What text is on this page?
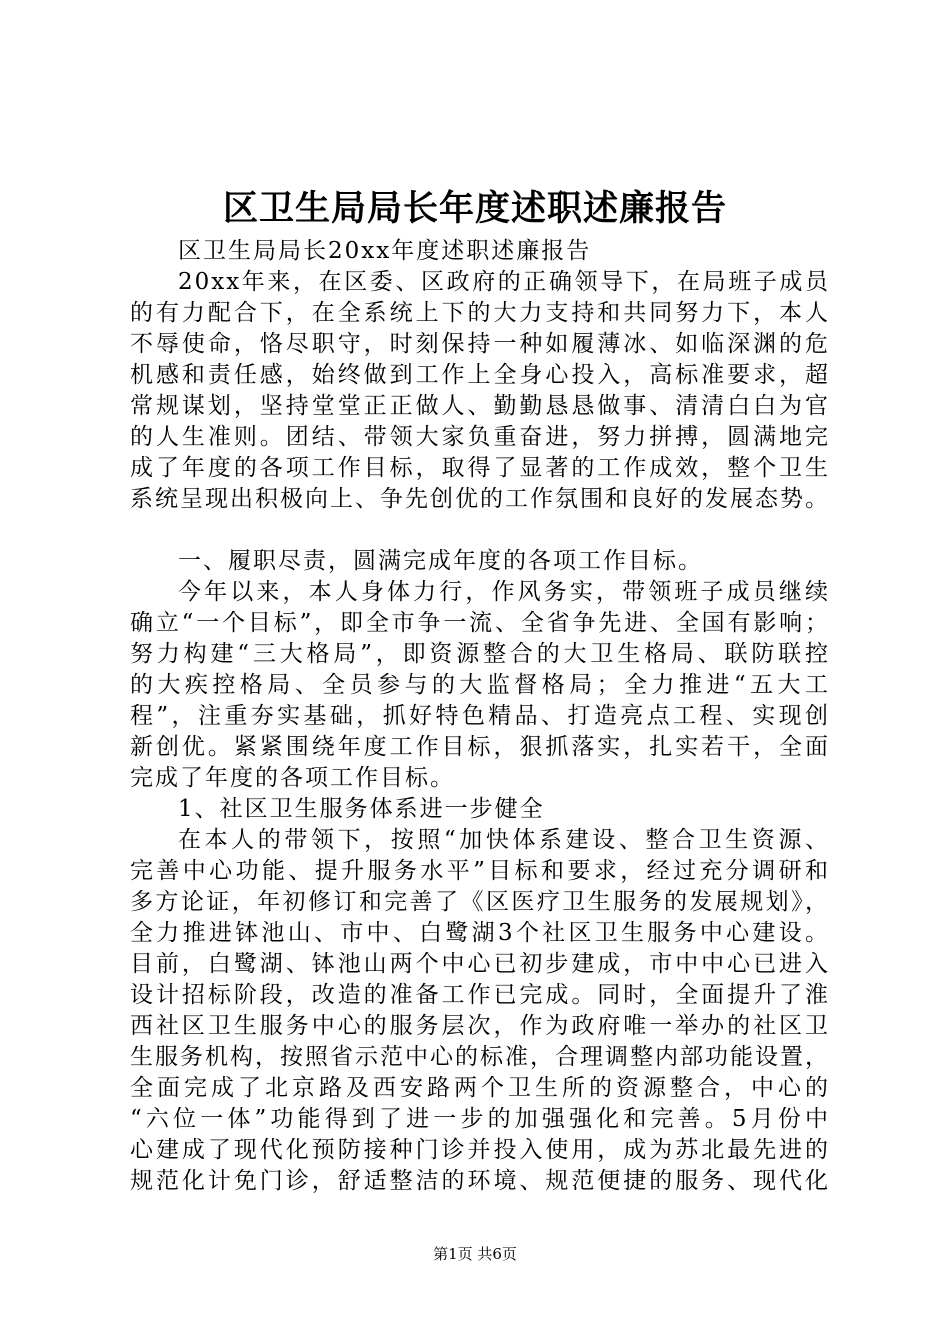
区卫生局局长年度述职述廉报告
区卫生局局长20xx年度述职述廉报告
20xx年来，在区委、区政府的正确领导下，在局班子成员
的有力配合下，在全系统上下的大力支持和共同努力下，本人
不辱使命，恪尽职守，时刻保持一种如履薄冰、如临深渊的危
机感和责任感，始终做到工作上全身心投入，高标准要求，超
常规谋划，坚持堂堂正正做人、勤勤恳恳做事、清清白白为官
的人生准则。团结、带领大家负重奋进，努力拼搏，圆满地完
成了年度的各项工作目标，取得了显著的工作成效，整个卫生
系统呈现出积极向上、争先创优的工作氛围和良好的发展态势。
一、履职尽责，圆满完成年度的各项工作目标。
今年以来，本人身体力行，作风务实，带领班子成员继续
确立“一个目标”，即全市争一流、全省争先进、全国有影响；
努力构建“三大格局”，即资源整合的大卫生格局、联防联控
的大疾控格局、全员参与的大监督格局；全力推进“五大工
程”，注重夯实基础，抓好特色精品、打造亮点工程、实现创
新创优。紧紧围绕年度工作目标，狠抓落实，扎实若干，全面
完成了年度的各项工作目标。
1、社区卫生服务体系进一步健全
在本人的带领下，按照“加快体系建设、整合卫生资源、
完善中心功能、提升服务水平”目标和要求，经过充分调研和
多方论证，年初修订和完善了《区医疗卫生服务的发展规划》，
全力推进钵池山、市中、白鹭湖3个社区卫生服务中心建设。
目前，白鹭湖、钵池山两个中心已初步建成，市中中心已进入
设计招标阶段，改造的准备工作已完成。同时，全面提升了淮
西社区卫生服务中心的服务层次，作为政府唯一举办的社区卫
生服务机构，按照省示范中心的标准，合理调整内部功能设置，
全面完成了北京路及西安路两个卫生所的资源整合，中心的
“六位一体”功能得到了进一步的加强强化和完善。5月份中
心建成了现代化预防接种门诊并投入使用，成为苏北最先进的
规范化计免门诊，舒适整洁的环境、规范便捷的服务、现代化
第1页 共6页
